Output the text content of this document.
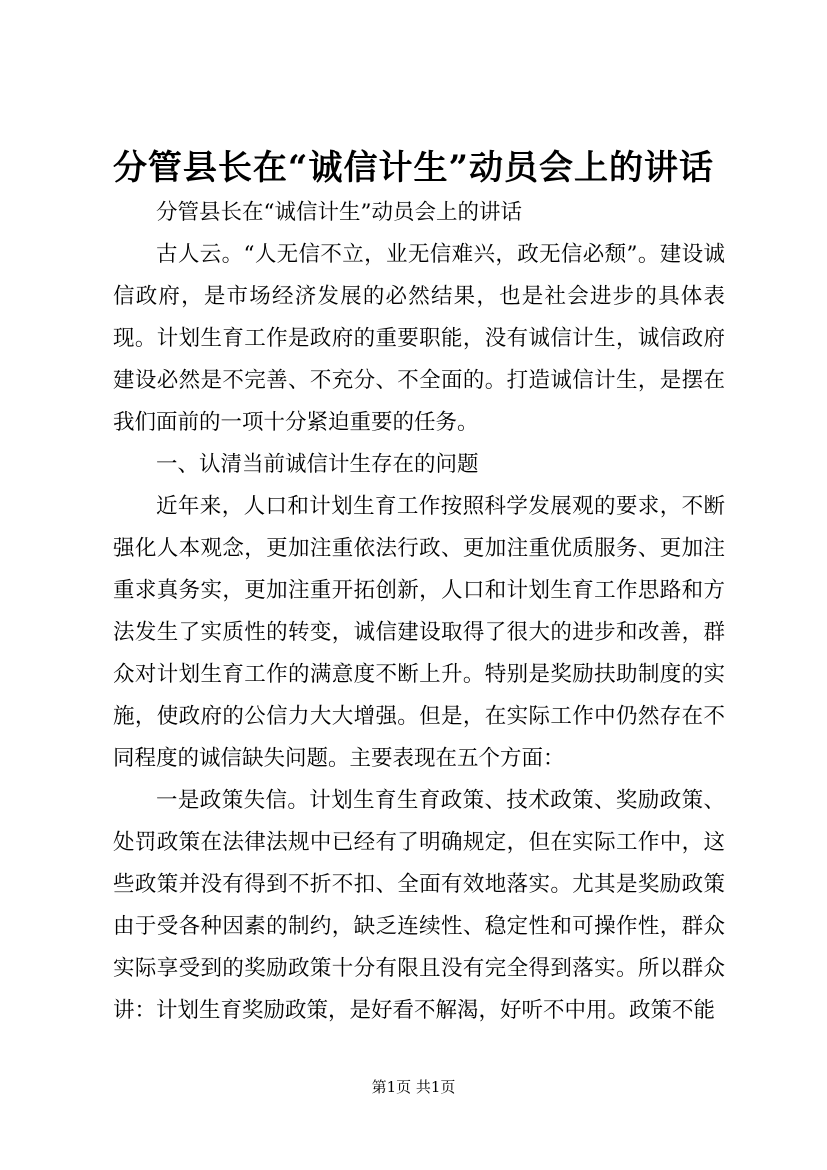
分管县长在“诚信计生”动员会上的讲话

分管县长在“诚信计生”动员会上的讲话

古人云。“人无信不立，业无信难兴，政无信必颓”。建设诚信政府，是市场经济发展的必然结果，也是社会进步的具体表现。计划生育工作是政府的重要职能，没有诚信计生，诚信政府建设必然是不完善、不充分、不全面的。打造诚信计生，是摆在我们面前的一项十分紧迫重要的任务。

一、认清当前诚信计生存在的问题

近年来，人口和计划生育工作按照科学发展观的要求，不断强化人本观念，更加注重依法行政、更加注重优质服务、更加注重求真务实，更加注重开拓创新，人口和计划生育工作思路和方法发生了实质性的转变，诚信建设取得了很大的进步和改善，群众对计划生育工作的满意度不断上升。特别是奖励扶助制度的实施，使政府的公信力大大增强。但是，在实际工作中仍然存在不同程度的诚信缺失问题。主要表现在五个方面：

一是政策失信。计划生育生育政策、技术政策、奖励政策、处罚政策在法律法规中已经有了明确规定，但在实际工作中，这些政策并没有得到不折不扣、全面有效地落实。尤其是奖励政策由于受各种因素的制约，缺乏连续性、稳定性和可操作性，群众实际享受到的奖励政策十分有限且没有完全得到落实。所以群众讲：计划生育奖励政策，是好看不解渴，好听不中用。政策不能

第1页 共1页
